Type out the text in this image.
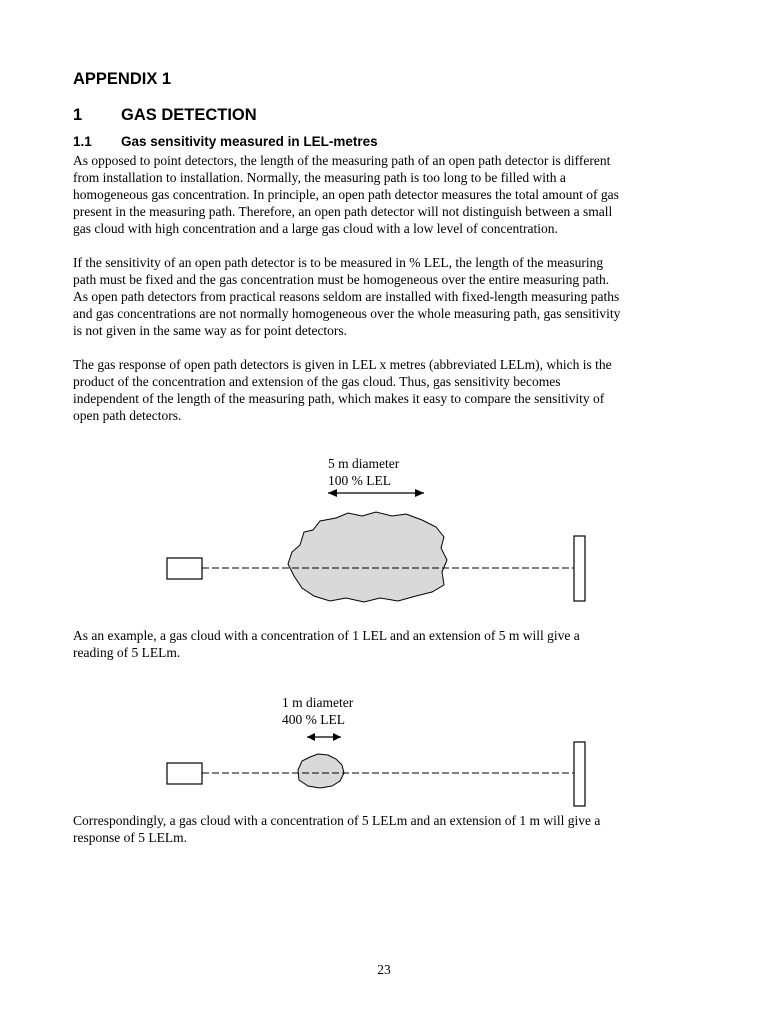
APPENDIX 1
1 GAS DETECTION
1.1 Gas sensitivity measured in LEL-metres

As opposed to point detectors, the length of the measuring path of an open path detector is different
from installation to installation. Normally, the measuring path is too long to be filled with a
homogeneous gas concentration. In principle, an open path detector measures the total amount of gas
present in the measuring path. Therefore, an open path detector will not distinguish between a small
gas cloud with high concentration and a large gas cloud with a low level of concentration.

If the sensitivity of an open path detector is to be measured in % LEL, the length of the measuring
path must be fixed and the gas concentration must be homogeneous over the entire measuring path.
As open path detectors from practical reasons seldom are installed with fixed-length measuring paths
and gas concentrations are not normally homogeneous over the whole measuring path, gas sensitivity
is not given in the same way as for point detectors.

The gas response of open path detectors is given in LEL x metres (abbreviated LELm), which is the
product of the concentration and extension of the gas cloud. Thus, gas sensitivity becomes
independent of the length of the measuring path, which makes it easy to compare the sensitivity of
open path detectors.

5 m diameter
100 % LEL

As an example, a gas cloud with a concentration of 1 LEL and an extension of 5 m will give a
reading of 5 LELm.

1 m diameter
400 % LEL

Correspondingly, a gas cloud with a concentration of 5 LELm and an extension of 1 m will give a
response of 5 LELm.

23
